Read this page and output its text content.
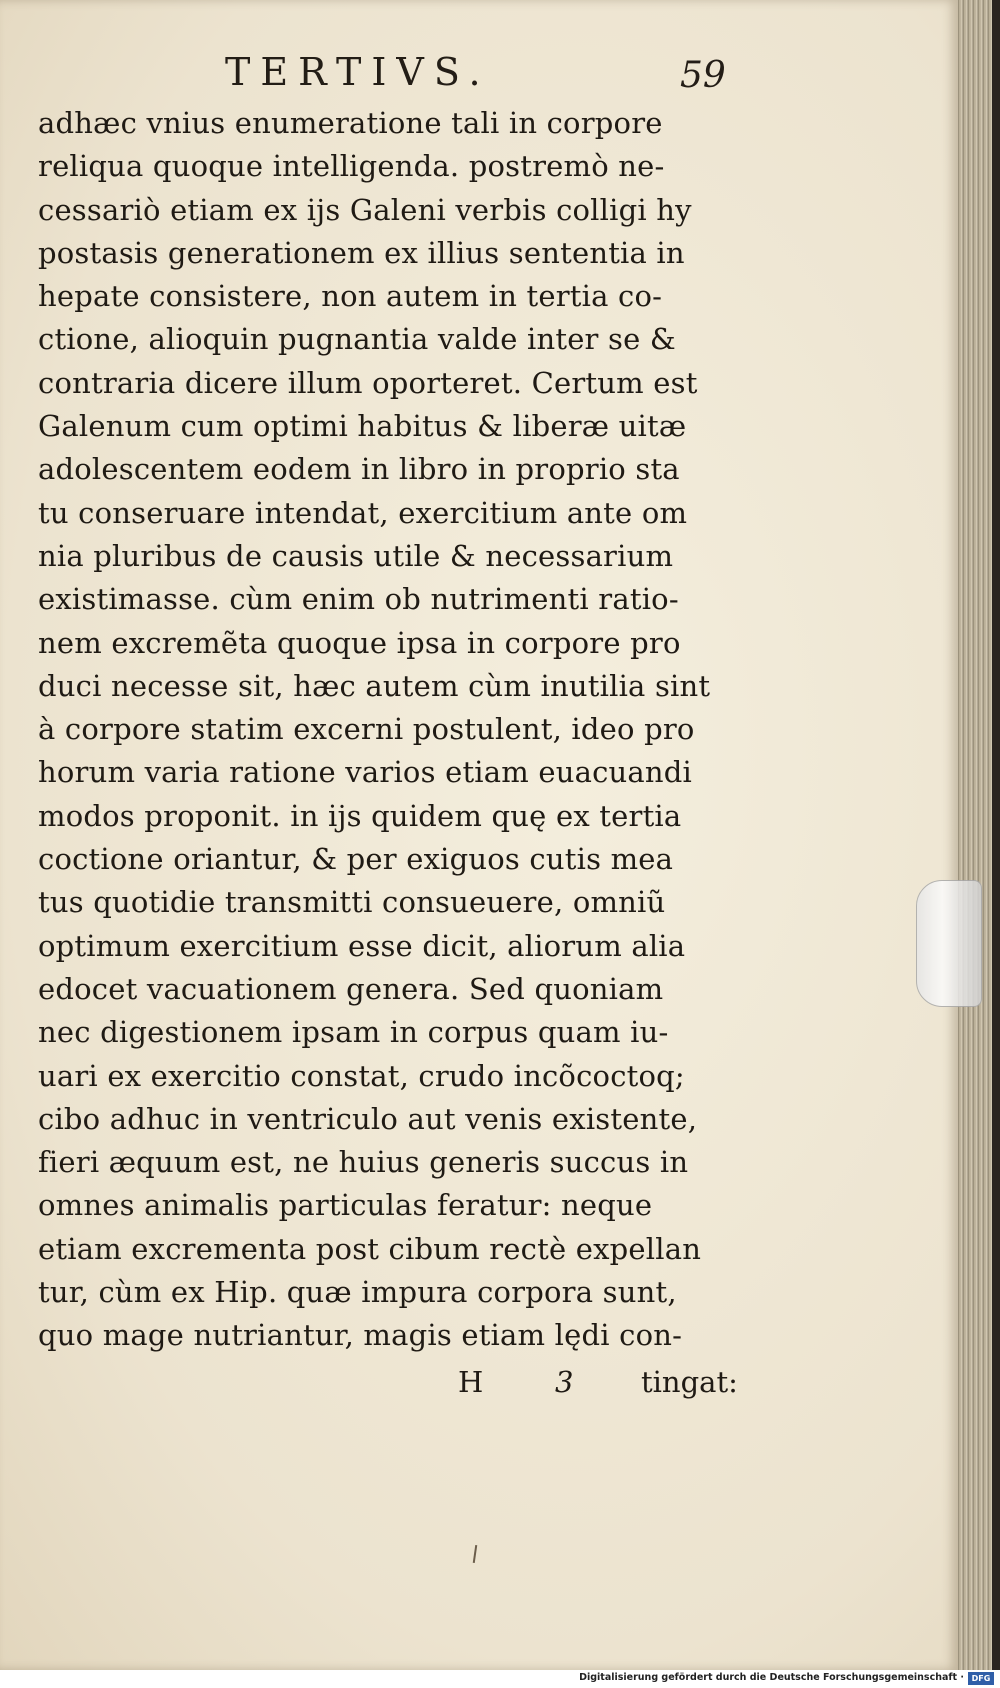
TERTIVS.	59
adhæc vnius enumeratione tali in corpore
reliqua quoque intelligenda. postremò ne-
cessariò etiam ex ijs Galeni verbis colligi hy
postasis generationem ex illius sententia in
hepate consistere, non autem in tertia co-
ctione, alioquin pugnantia valde inter se &
contraria dicere illum oporteret. Certum est
Galenum cum optimi habitus & liberæ uitæ
adolescentem eodem in libro in proprio sta
tu conseruare intendat, exercitium ante om
nia pluribus de causis utile & necessarium
existimasse. cùm enim ob nutrimenti ratio-
nem excremẽta quoque ipsa in corpore pro
duci necesse sit, hæc autem cùm inutilia sint
à corpore statim excerni postulent, ideo pro
horum varia ratione varios etiam euacuandi
modos proponit. in ijs quidem quę ex tertia
coctione oriantur, & per exiguos cutis mea
tus quotidie transmitti consueuere, omniũ
optimum exercitium esse dicit, aliorum alia
edocet vacuationem genera. Sed quoniam
nec digestionem ipsam in corpus quam iu-
uari ex exercitio constat, crudo incõcoctoq;
cibo adhuc in ventriculo aut venis existente,
fieri æquum est, ne huius generis succus in
omnes animalis particulas feratur: neque
etiam excrementa post cibum rectè expellan
tur, cùm ex Hip. quæ impura corpora sunt,
quo mage nutriantur, magis etiam lędi con-
H 3 tingat:
Digitalisierung gefördert durch die Deutsche Forschungsgemeinschaft · DFG
